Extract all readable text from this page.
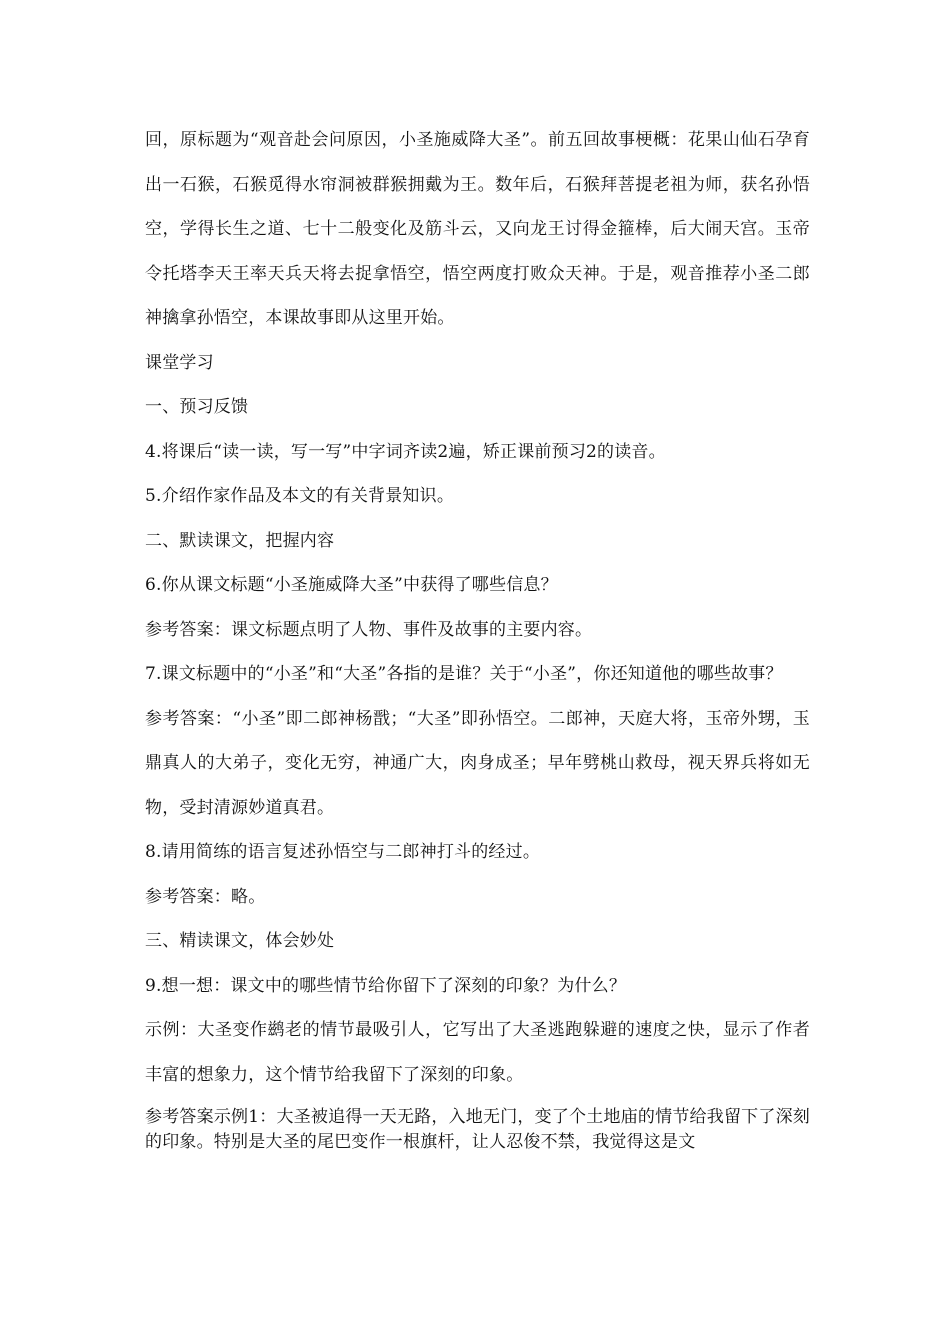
回，原标题为“观音赴会问原因，小圣施威降大圣”。前五回故事梗概：花果山仙石孕育出一石猴，石猴觅得水帘洞被群猴拥戴为王。数年后，石猴拜菩提老祖为师，获名孙悟空，学得长生之道、七十二般变化及筋斗云，又向龙王讨得金箍棒，后大闹天宫。玉帝令托塔李天王率天兵天将去捉拿悟空，悟空两度打败众天神。于是，观音推荐小圣二郎神擒拿孙悟空，本课故事即从这里开始。

课堂学习

一、预习反馈

4.将课后“读一读，写一写”中字词齐读2遍，矫正课前预习2的读音。

5.介绍作家作品及本文的有关背景知识。

二、默读课文，把握内容

6.你从课文标题“小圣施威降大圣”中获得了哪些信息？

参考答案：课文标题点明了人物、事件及故事的主要内容。

7.课文标题中的“小圣”和“大圣”各指的是谁？关于“小圣”，你还知道他的哪些故事？

参考答案：“小圣”即二郎神杨戬；“大圣”即孙悟空。二郎神，天庭大将，玉帝外甥，玉鼎真人的大弟子，变化无穷，神通广大，肉身成圣；早年劈桃山救母，视天界兵将如无物，受封清源妙道真君。

8.请用简练的语言复述孙悟空与二郎神打斗的经过。

参考答案：略。

三、精读课文，体会妙处

9.想一想：课文中的哪些情节给你留下了深刻的印象？为什么？

示例：大圣变作鹚老的情节最吸引人，它写出了大圣逃跑躲避的速度之快，显示了作者丰富的想象力，这个情节给我留下了深刻的印象。

参考答案示例1：大圣被追得一天无路，入地无门，变了个土地庙的情节给我留下了深刻的印象。特别是大圣的尾巴变作一根旗杆，让人忍俊不禁，我觉得这是文
